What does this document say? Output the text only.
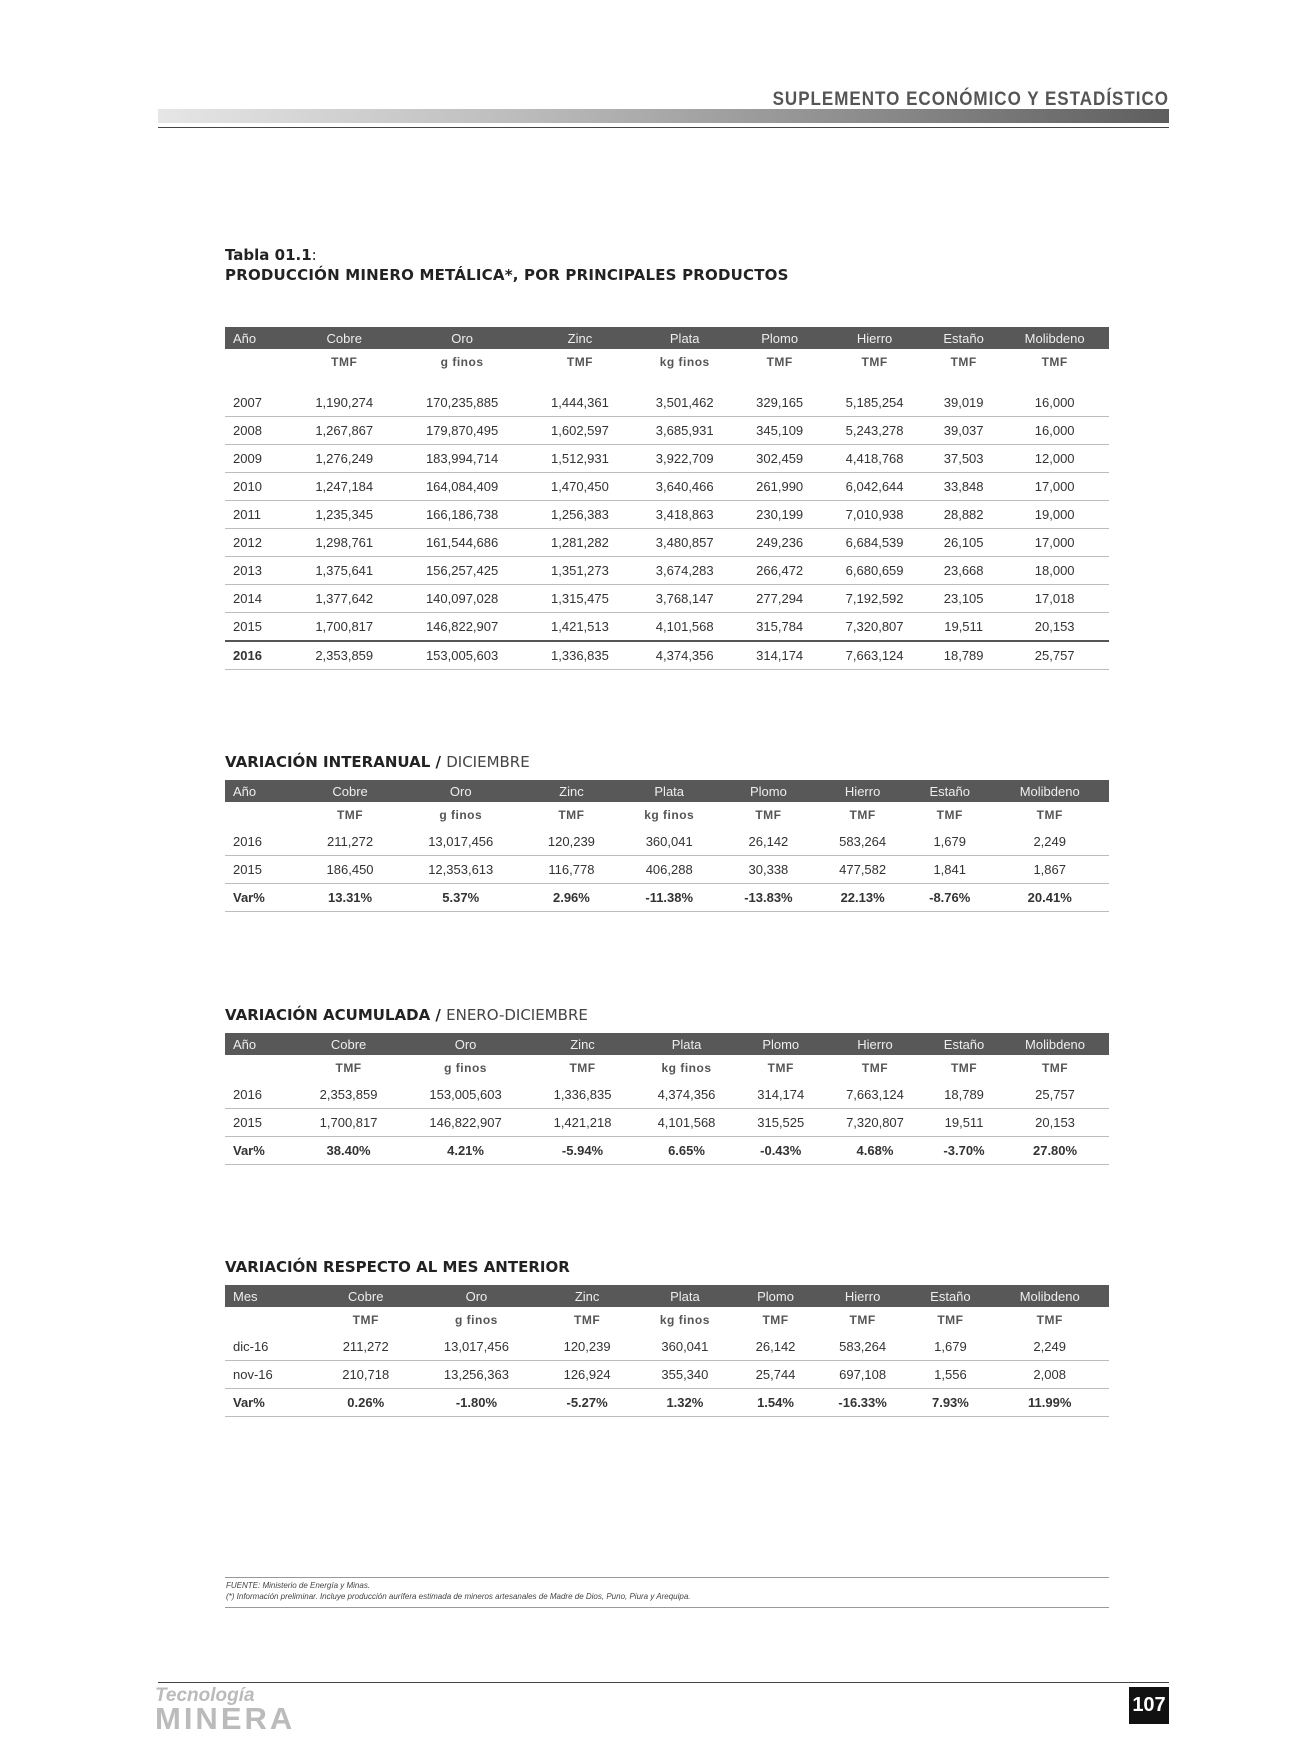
SUPLEMENTO ECONÓMICO Y ESTADÍSTICO
Tabla 01.1:
PRODUCCIÓN MINERO METÁLICA*, POR PRINCIPALES PRODUCTOS
Año	Cobre	Oro	Zinc	Plata	Plomo	Hierro	Estaño	Molibdeno
	TMF	g finos	TMF	kg finos	TMF	TMF	TMF	TMF

2007	1,190,274	170,235,885	1,444,361	3,501,462	329,165	5,185,254	39,019	16,000
2008	1,267,867	179,870,495	1,602,597	3,685,931	345,109	5,243,278	39,037	16,000
2009	1,276,249	183,994,714	1,512,931	3,922,709	302,459	4,418,768	37,503	12,000
2010	1,247,184	164,084,409	1,470,450	3,640,466	261,990	6,042,644	33,848	17,000
2011	1,235,345	166,186,738	1,256,383	3,418,863	230,199	7,010,938	28,882	19,000
2012	1,298,761	161,544,686	1,281,282	3,480,857	249,236	6,684,539	26,105	17,000
2013	1,375,641	156,257,425	1,351,273	3,674,283	266,472	6,680,659	23,668	18,000
2014	1,377,642	140,097,028	1,315,475	3,768,147	277,294	7,192,592	23,105	17,018
2015	1,700,817	146,822,907	1,421,513	4,101,568	315,784	7,320,807	19,511	20,153
2016	2,353,859	153,005,603	1,336,835	4,374,356	314,174	7,663,124	18,789	25,757
VARIACIÓN INTERANUAL / DICIEMBRE
Año	Cobre	Oro	Zinc	Plata	Plomo	Hierro	Estaño	Molibdeno
	TMF	g finos	TMF	kg finos	TMF	TMF	TMF	TMF
2016	211,272	13,017,456	120,239	360,041	26,142	583,264	1,679	2,249
2015	186,450	12,353,613	116,778	406,288	30,338	477,582	1,841	1,867
Var%	13.31%	5.37%	2.96%	-11.38%	-13.83%	22.13%	-8.76%	20.41%
VARIACIÓN ACUMULADA / ENERO-DICIEMBRE
Año	Cobre	Oro	Zinc	Plata	Plomo	Hierro	Estaño	Molibdeno
	TMF	g finos	TMF	kg finos	TMF	TMF	TMF	TMF
2016	2,353,859	153,005,603	1,336,835	4,374,356	314,174	7,663,124	18,789	25,757
2015	1,700,817	146,822,907	1,421,218	4,101,568	315,525	7,320,807	19,511	20,153
Var%	38.40%	4.21%	-5.94%	6.65%	-0.43%	4.68%	-3.70%	27.80%
VARIACIÓN RESPECTO AL MES ANTERIOR
Mes	Cobre	Oro	Zinc	Plata	Plomo	Hierro	Estaño	Molibdeno
	TMF	g finos	TMF	kg finos	TMF	TMF	TMF	TMF
dic-16	211,272	13,017,456	120,239	360,041	26,142	583,264	1,679	2,249
nov-16	210,718	13,256,363	126,924	355,340	25,744	697,108	1,556	2,008
Var%	0.26%	-1.80%	-5.27%	1.32%	1.54%	-16.33%	7.93%	11.99%
FUENTE: Ministerio de Energía y Minas.
(*) Información preliminar. Incluye producción aurífera estimada de mineros artesanales de Madre de Dios, Puno, Piura y Arequipa.
Tecnología
MINERA	107
